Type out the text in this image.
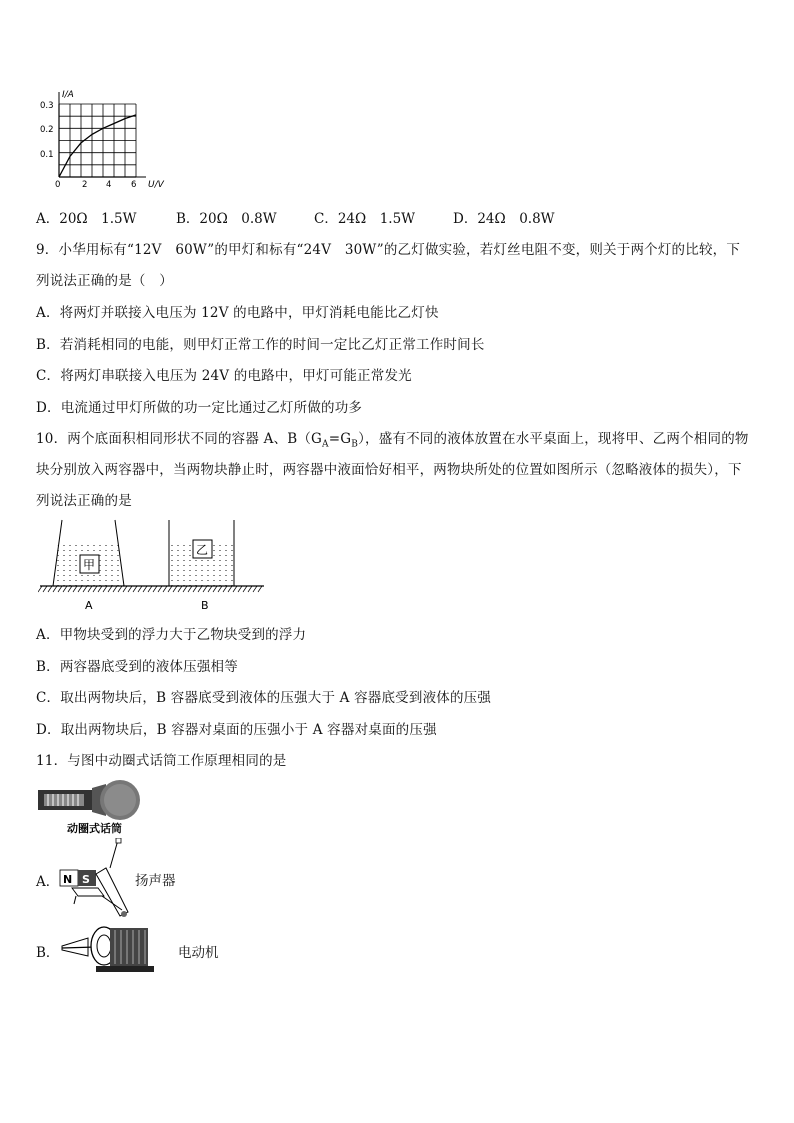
I/A
U/V
0.3
0.2
0.1
0	2 4 6
A．20Ω　1.5W	B．20Ω　0.8W	C．24Ω　1.5W	D．24Ω　0.8W
9．小华用标有“12V　60W”的甲灯和标有“24V　30W”的乙灯做实验，若灯丝电阻不变，则关于两个灯的比较，下
列说法正确的是（　）
A．将两灯并联接入电压为 12V 的电路中，甲灯消耗电能比乙灯快
B．若消耗相同的电能，则甲灯正常工作的时间一定比乙灯正常工作时间长
C．将两灯串联接入电压为 24V 的电路中，甲灯可能正常发光
D．电流通过甲灯所做的功一定比通过乙灯所做的功多
10．两个底面积相同形状不同的容器 A、$B(G_A=G_B)$，盛有不同的液体放置在水平桌面上，现将甲、乙两个相同的物
块分别放入两容器中，当两物块静止时，两容器中液面恰好相平，两物块所处的位置如图所示（忽略液体的损失），下
列说法正确的是
甲
乙
A	B
A．甲物块受到的浮力大于乙物块受到的浮力
B．两容器底受到的液体压强相等
C．取出两物块后，B 容器底受到液体的压强大于 A 容器底受到液体的压强
D．取出两物块后，B 容器对桌面的压强小于 A 容器对桌面的压强
11．与图中动圈式话筒工作原理相同的是
动圈式话筒
A． N S	扬声器
B．	电动机
